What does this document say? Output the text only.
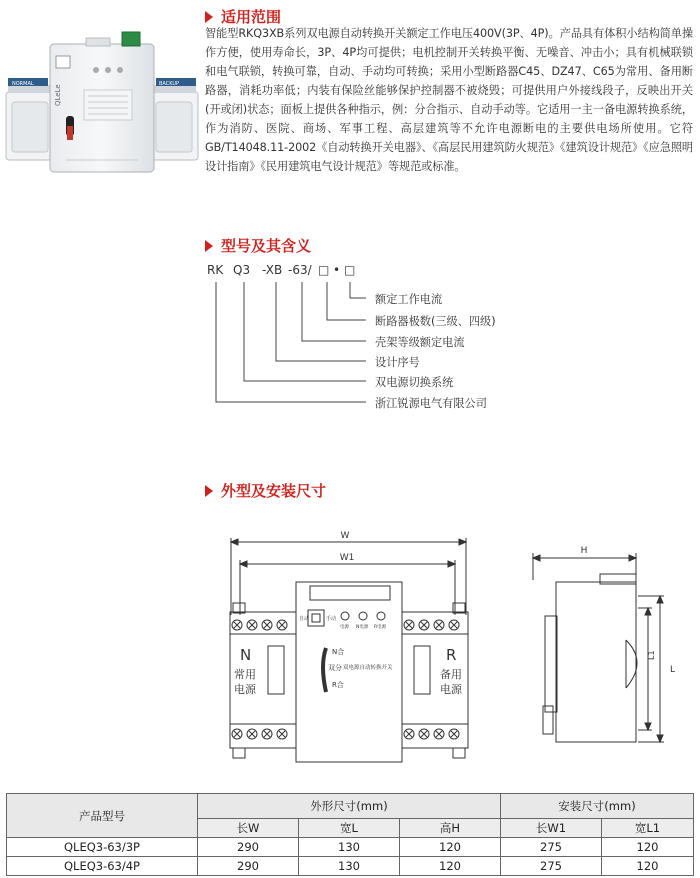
适用范围
智能型RKQ3XB系列双电源自动转换开关额定工作电压400V(3P、4P)。产品具有体积小结构简单操作方便，使用寿命长，3P、4P均可提供；电机控制开关转换平衡、无噪音、冲击小；具有机械联锁和电气联锁，转换可靠，自动、手动均可转换；采用小型断路器C45、DZ47、C65为常用、备用断路器，消耗功率低；内装有保险丝能够保护控制器不被烧毁；可提供用户外接线段子，反映出开关(开或闭)状态；面板上提供各种指示，例：分合指示、自动手动等。它适用一主一备电源转换系统，作为消防、医院、商场、军事工程、高层建筑等不允许电源断电的主要供电场所使用。它符GB/T14048.11-2002《自动转换开关电器》、《高层民用建筑防火规范》《建筑设计规范》《应急照明设计指南》《民用建筑电气设计规范》等规范或标准。
NORMAL	BACKUP
QLeLe
型号及其含义
RK Q3 -XB -63/ □ • □
额定工作电流
断路器极数(三级、四级)
壳架等级额定电流
设计序号
双电源切换系统
浙江锐源电气有限公司
外型及安装尺寸
W
W1
H
L
L1
自动	手动
电源 N电源 R电源
N	R
常用
电源
备用
电源
N合
双分
R合
双电源自动转换开关
产品型号	外形尺寸(mm)			安装尺寸(mm)	
	长W	宽L	高H	长W1	宽L1
QLEQ3-63/3P	290	130	120	275	120
QLEQ3-63/4P	290	130	120	275	120
